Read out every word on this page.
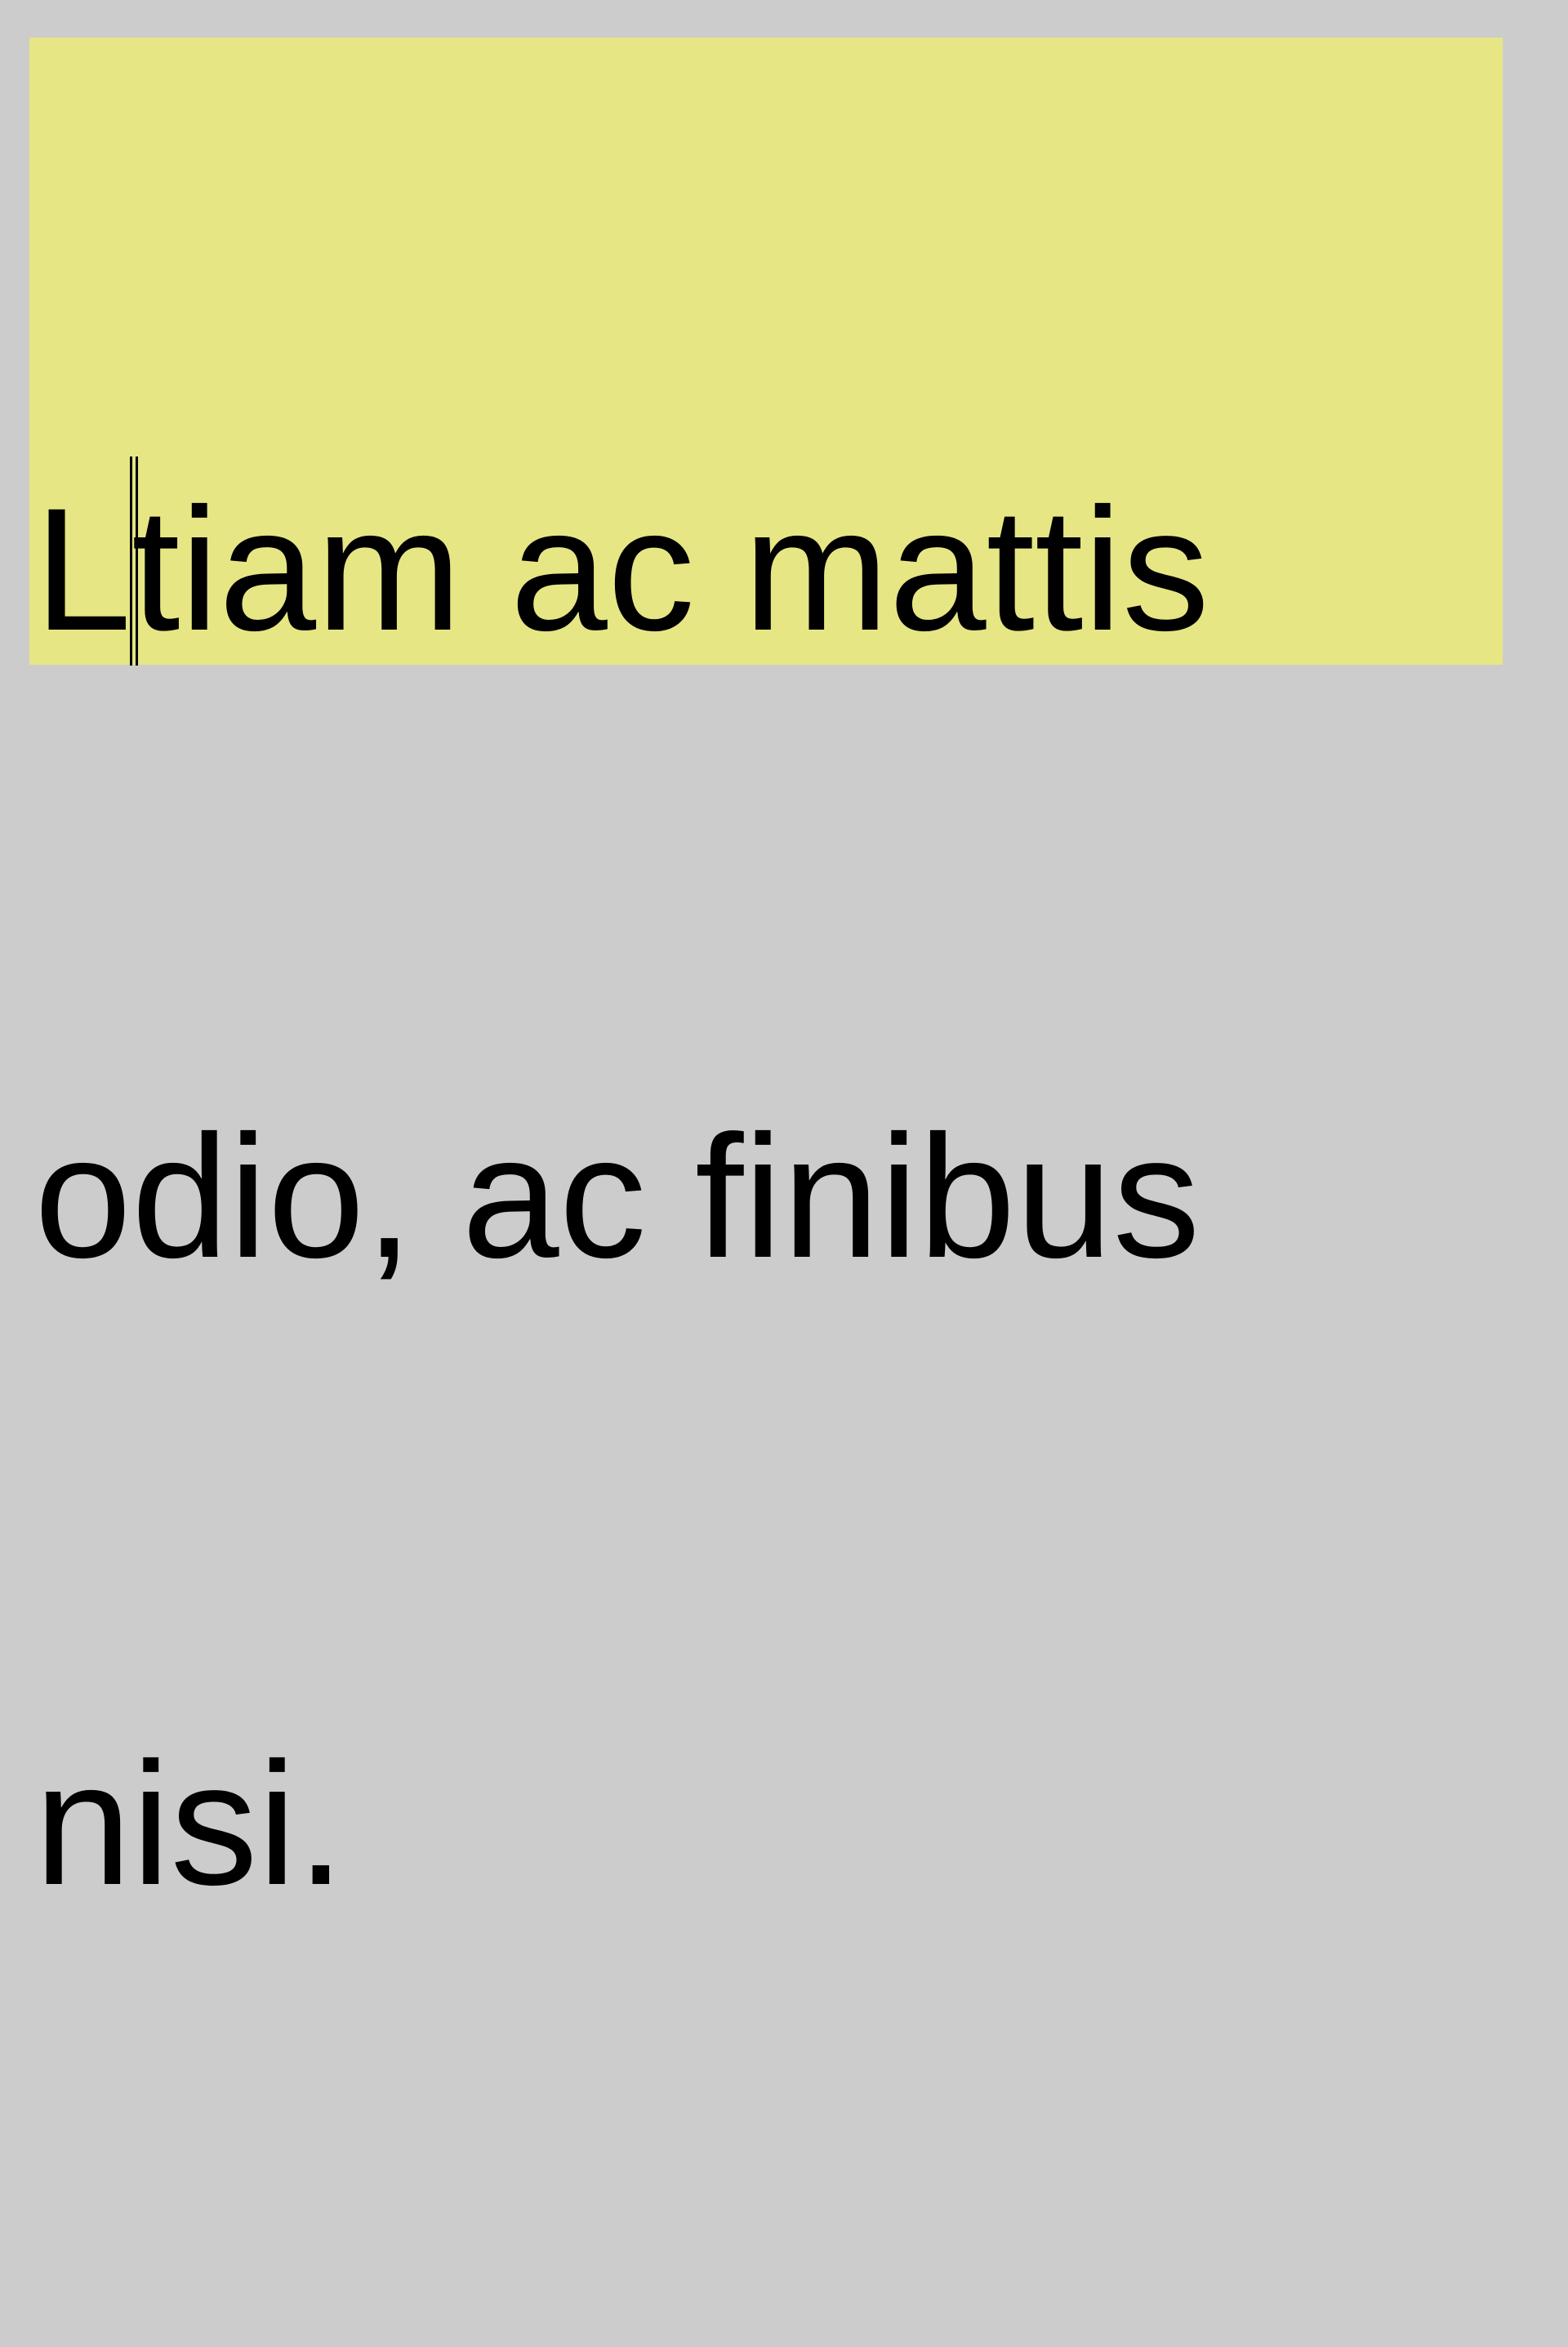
L
tiam ac mattis

odio, ac finibus

nisi.
